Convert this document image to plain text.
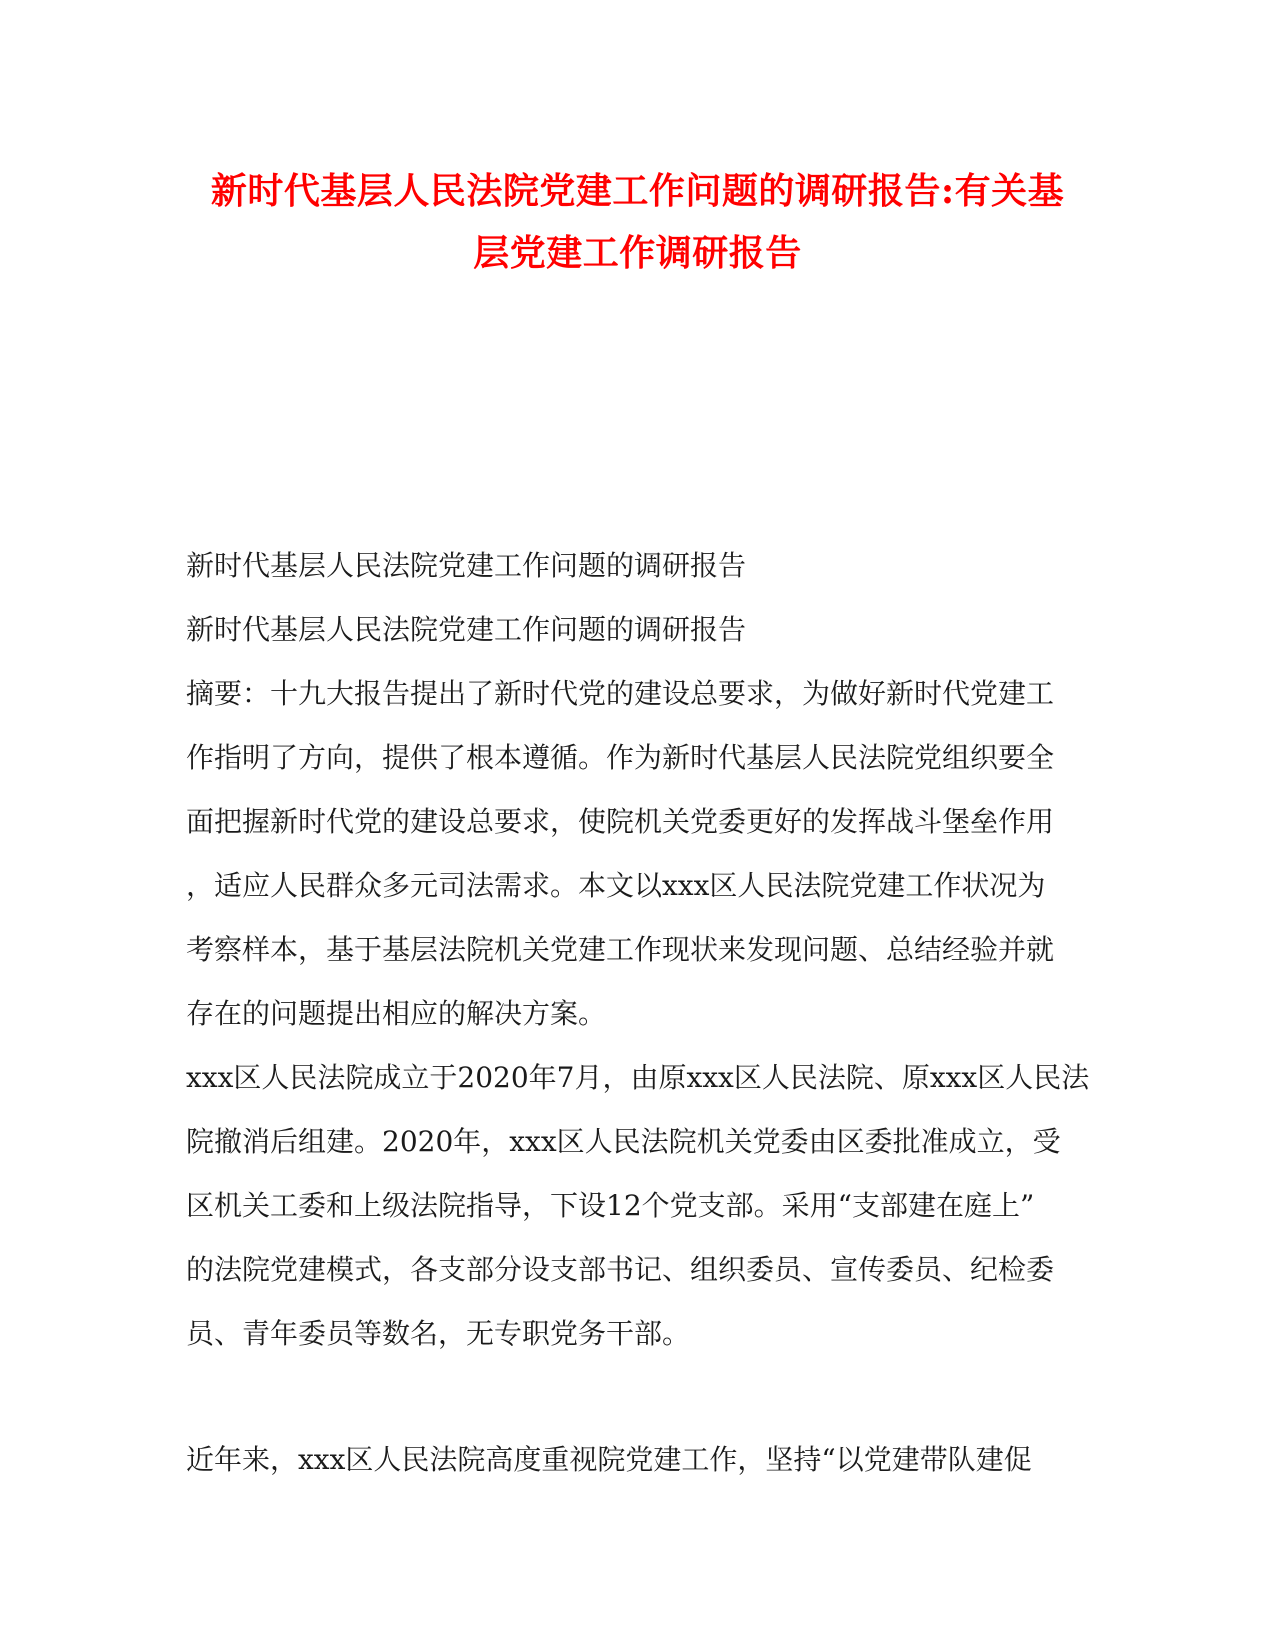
新时代基层人民法院党建工作问题的调研报告:有关基
层党建工作调研报告
新时代基层人民法院党建工作问题的调研报告
新时代基层人民法院党建工作问题的调研报告
摘要：十九大报告提出了新时代党的建设总要求，为做好新时代党建工
作指明了方向，提供了根本遵循。作为新时代基层人民法院党组织要全
面把握新时代党的建设总要求，使院机关党委更好的发挥战斗堡垒作用
，适应人民群众多元司法需求。本文以xxx区人民法院党建工作状况为
考察样本，基于基层法院机关党建工作现状来发现问题、总结经验并就
存在的问题提出相应的解决方案。
xxx区人民法院成立于2020年7月，由原xxx区人民法院、原xxx区人民法
院撤消后组建。2020年，xxx区人民法院机关党委由区委批准成立，受
区机关工委和上级法院指导，下设12个党支部。采用“支部建在庭上”
的法院党建模式，各支部分设支部书记、组织委员、宣传委员、纪检委
员、青年委员等数名，无专职党务干部。
近年来，xxx区人民法院高度重视院党建工作，坚持“以党建带队建促
